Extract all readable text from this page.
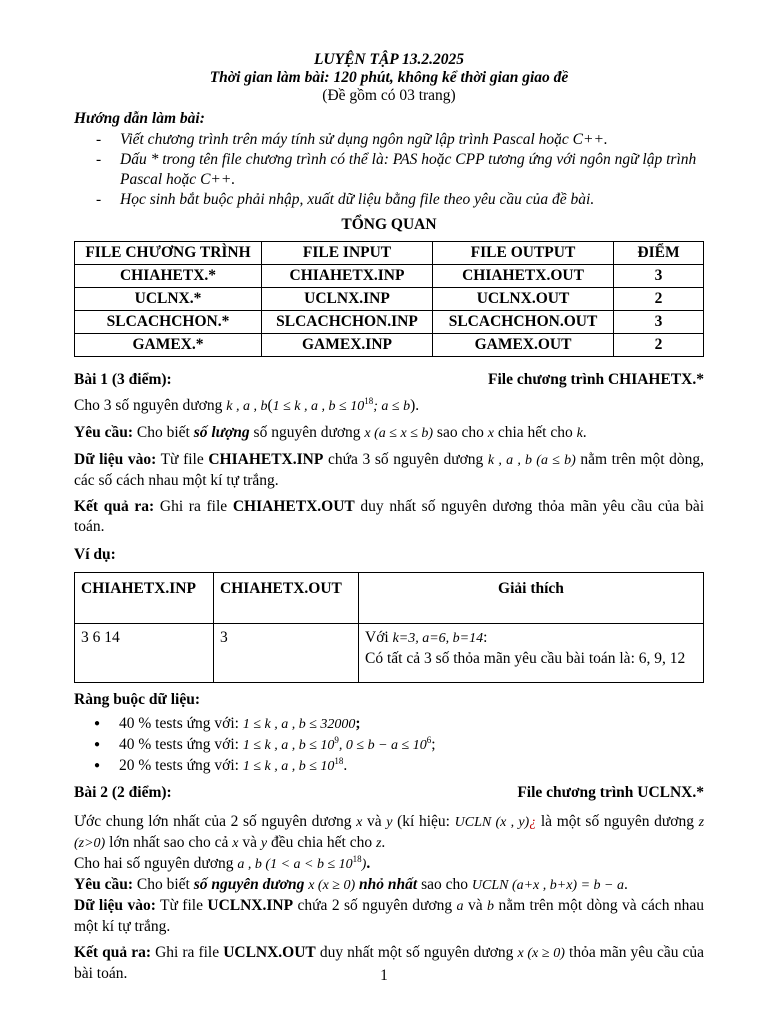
LUYỆN TẬP 13.2.2025
Thời gian làm bài: 120 phút, không kể thời gian giao đề
(Đề gồm có 03 trang)
Hướng dẫn làm bài:
- Viết chương trình trên máy tính sử dụng ngôn ngữ lập trình Pascal hoặc C++.
- Dấu * trong tên file chương trình có thể là: PAS hoặc CPP tương ứng với ngôn ngữ lập trình Pascal hoặc C++.
- Học sinh bắt buộc phải nhập, xuất dữ liệu bằng file theo yêu cầu của đề bài.
TỔNG QUAN
FILE CHƯƠNG TRÌNH	FILE INPUT	FILE OUTPUT	ĐIỂM
CHIAHETX.*	CHIAHETX.INP	CHIAHETX.OUT	3
UCLNX.*	UCLNX.INP	UCLNX.OUT	2
SLCACHCHON.*	SLCACHCHON.INP	SLCACHCHON.OUT	3
GAMEX.*	GAMEX.INP	GAMEX.OUT	2
Bài 1 (3 điểm):	File chương trình CHIAHETX.*

Cho 3 số nguyên dương k , a , b(1 ≤ k , a , $b \le 10^{18}$; a ≤ b).

Yêu cầu: Cho biết số lượng số nguyên dương x (a ≤ x ≤ b) sao cho x chia hết cho k.

Dữ liệu vào: Từ file CHIAHETX.INP chứa 3 số nguyên dương k , a , b (a ≤ b) nằm trên một dòng, các số cách nhau một kí tự trắng.

Kết quả ra: Ghi ra file CHIAHETX.OUT duy nhất số nguyên dương thỏa mãn yêu cầu của bài toán.

Ví dụ:

CHIAHETX.INP	CHIAHETX.OUT	Giải thích
3 6 14	3	Với k=3, a=6, b=14:
Có tất cả 3 số thỏa mãn yêu cầu bài toán là: 6, 9, 12

Ràng buộc dữ liệu:

● 40 % tests ứng với: 1 ≤ k , a , b ≤ 32000;
● 40 % tests ứng với: 1 ≤ k , a , $b \le 10^9$, $0 \le b - a \le 10^6$;
● 20 % tests ứng với: 1 ≤ k , a , $b \le 10^{18}$.
Bài 2 (2 điểm):	File chương trình UCLNX.*

Ước chung lớn nhất của 2 số nguyên dương x và y (kí hiệu: UCLN (x , y)¿ là một số nguyên dương z (z>0) lớn nhất sao cho cả x và y đều chia hết cho z.

Cho hai số nguyên dương a , b $(1 < a < b \le 10^{18})$.

Yêu cầu: Cho biết số nguyên dương x (x ≥ 0) nhỏ nhất sao cho UCLN (a+x , b+x) = b − a.

Dữ liệu vào: Từ file UCLNX.INP chứa 2 số nguyên dương a và b nằm trên một dòng và cách nhau một kí tự trắng.

Kết quả ra: Ghi ra file UCLNX.OUT duy nhất một số nguyên dương x (x ≥ 0) thỏa mãn yêu cầu của bài toán.	1
